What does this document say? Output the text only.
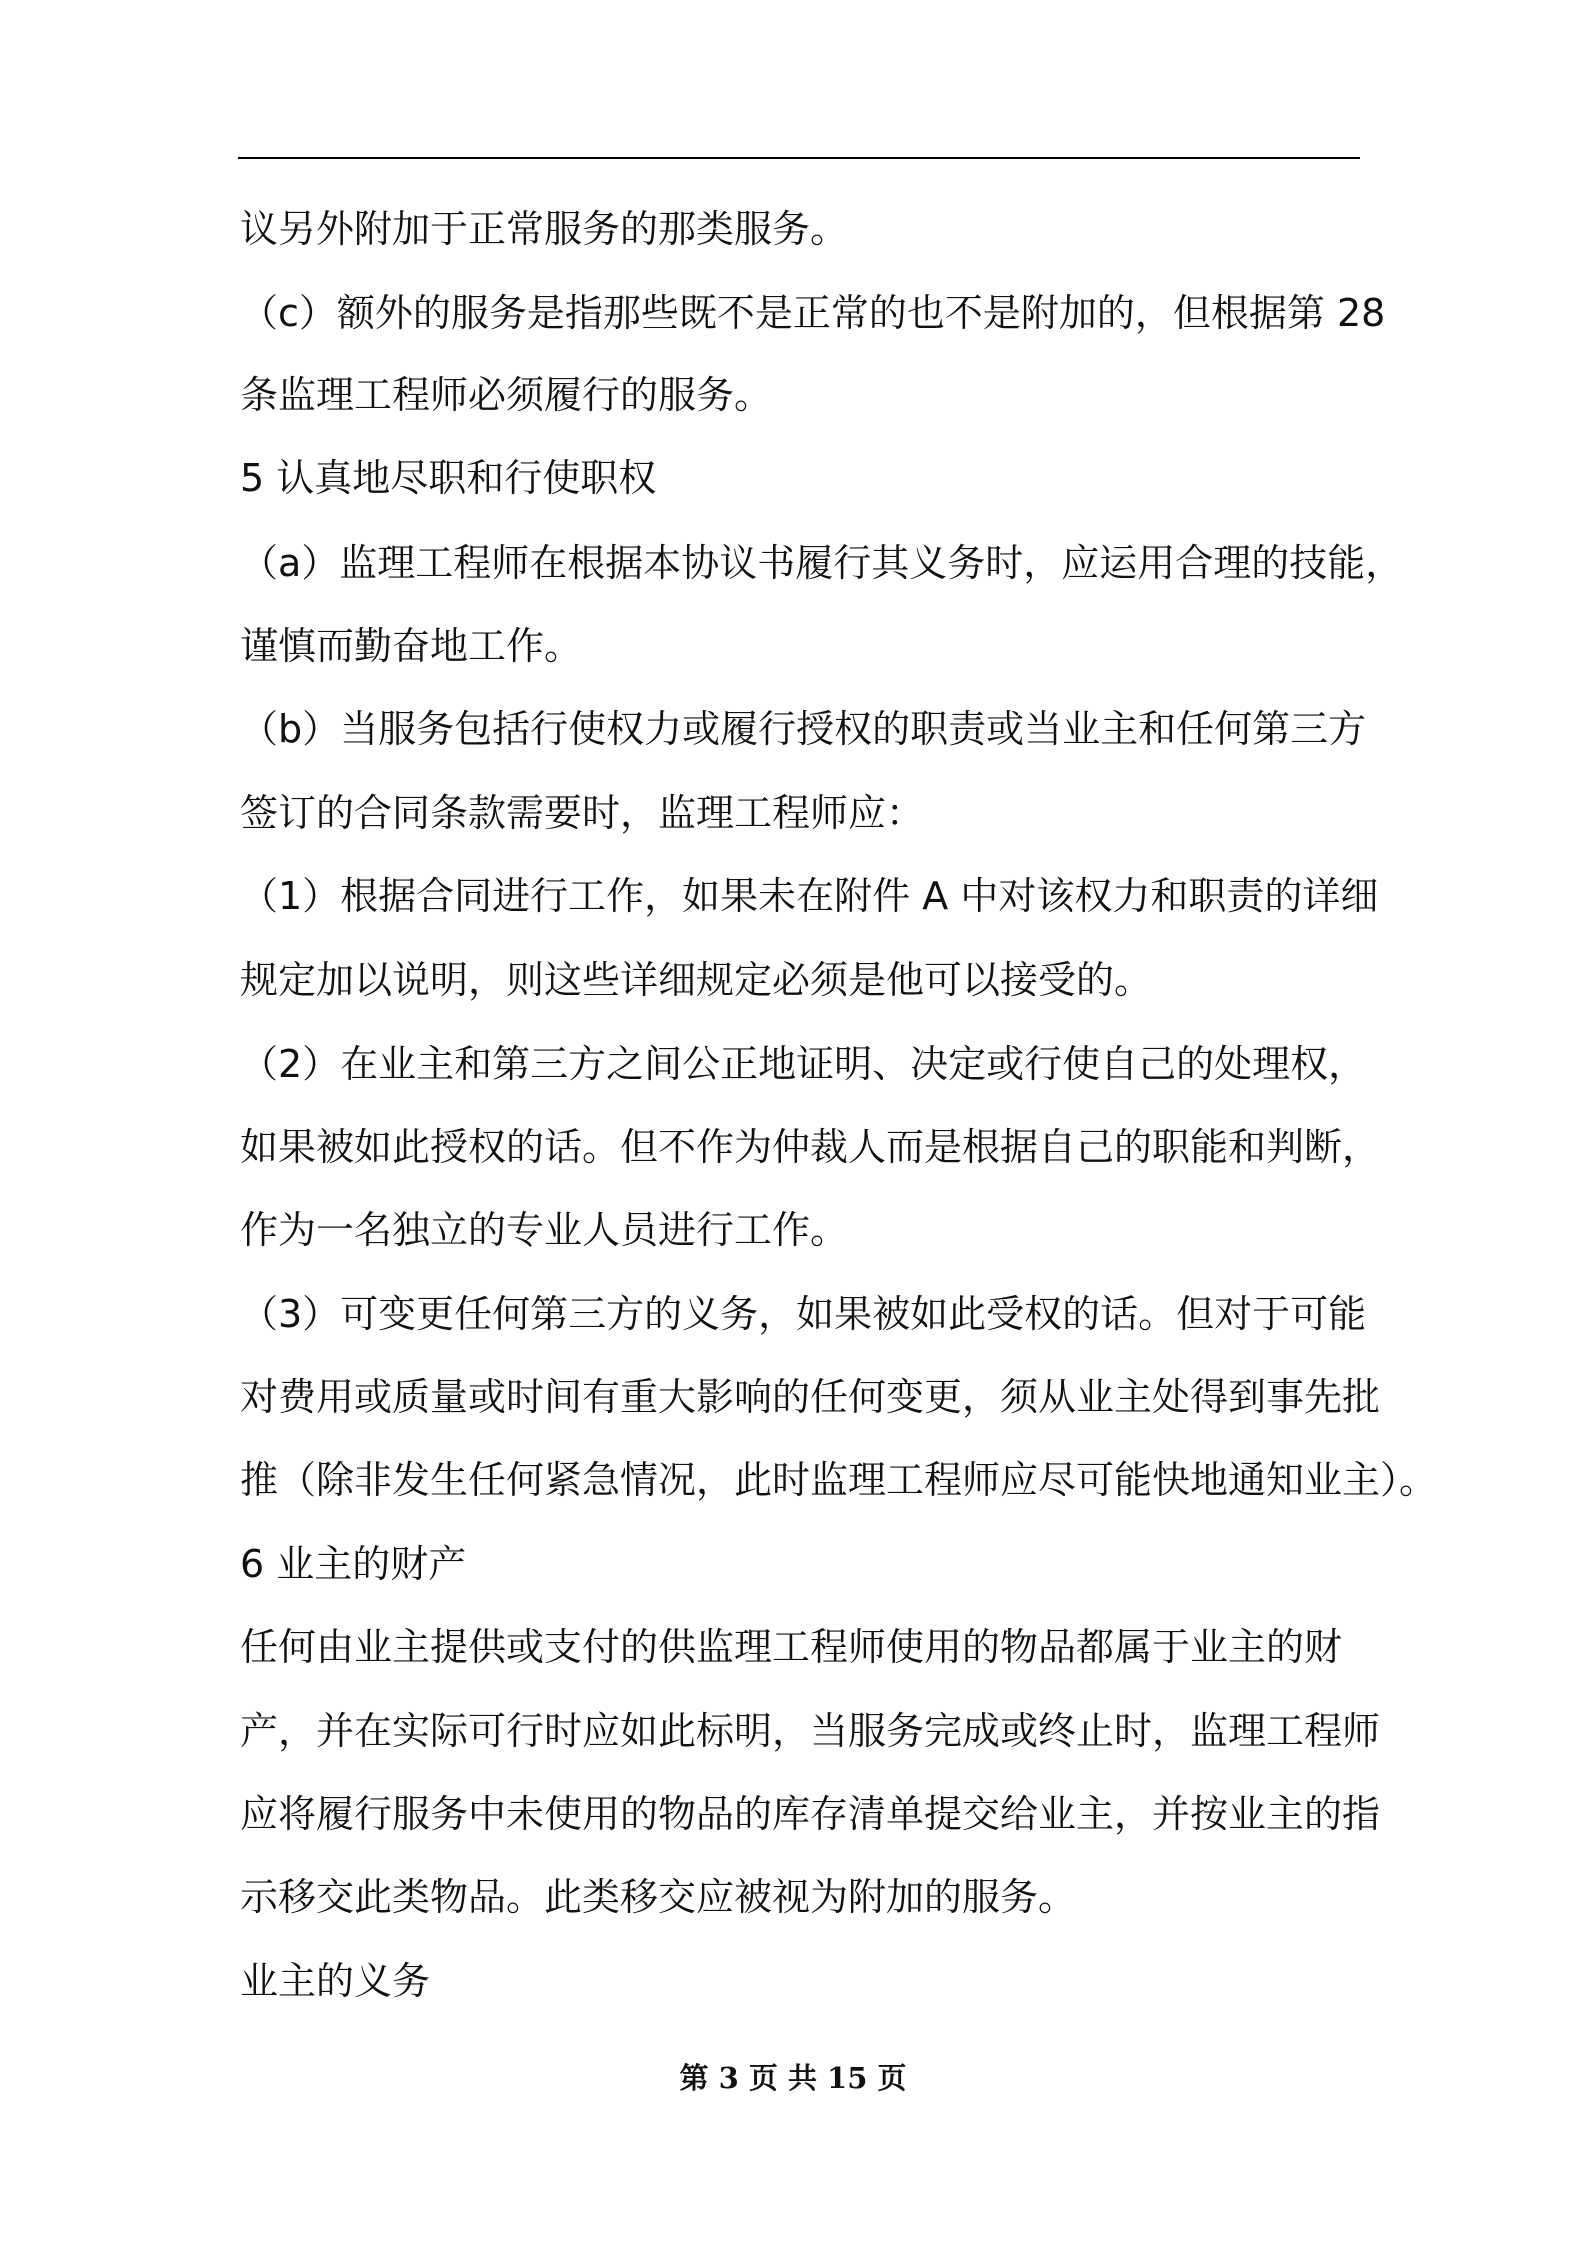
议另外附加于正常服务的那类服务。
（c）额外的服务是指那些既不是正常的也不是附加的，但根据第 28
条监理工程师必须履行的服务。
5 认真地尽职和行使职权
（a）监理工程师在根据本协议书履行其义务时，应运用合理的技能，
谨慎而勤奋地工作。
（b）当服务包括行使权力或履行授权的职责或当业主和任何第三方
签订的合同条款需要时，监理工程师应：
（1）根据合同进行工作，如果未在附件 A 中对该权力和职责的详细
规定加以说明，则这些详细规定必须是他可以接受的。
（2）在业主和第三方之间公正地证明、决定或行使自己的处理权，
如果被如此授权的话。但不作为仲裁人而是根据自己的职能和判断，
作为一名独立的专业人员进行工作。
（3）可变更任何第三方的义务，如果被如此受权的话。但对于可能
对费用或质量或时间有重大影响的任何变更，须从业主处得到事先批
推（除非发生任何紧急情况，此时监理工程师应尽可能快地通知业主）。
6 业主的财产
任何由业主提供或支付的供监理工程师使用的物品都属于业主的财
产，并在实际可行时应如此标明，当服务完成或终止时，监理工程师
应将履行服务中未使用的物品的库存清单提交给业主，并按业主的指
示移交此类物品。此类移交应被视为附加的服务。
业主的义务
第 3 页 共 15 页
